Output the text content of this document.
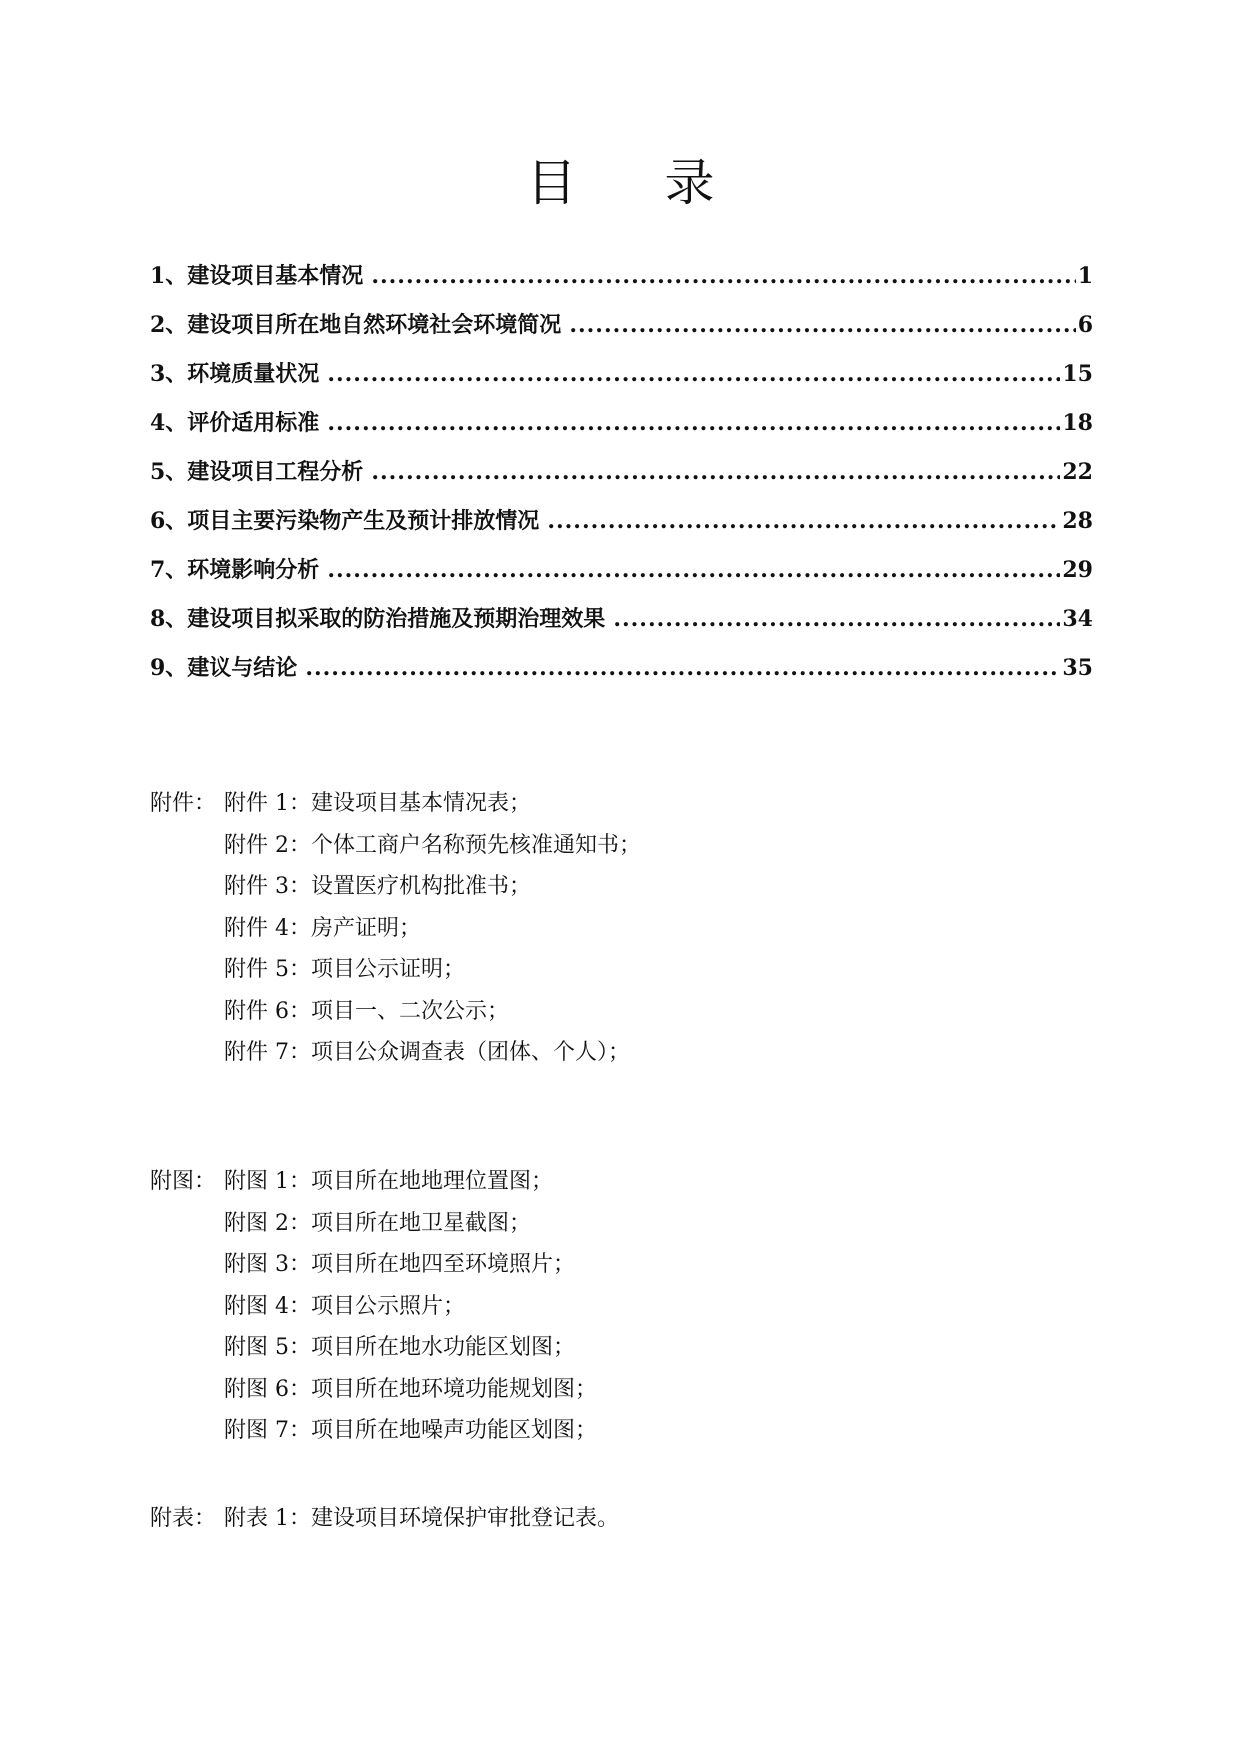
目 录
1、建设项目基本情况 .....	1
2、建设项目所在地自然环境社会环境简况 .....	6
3、环境质量状况 .....	15
4、评价适用标准 .....	18
5、建设项目工程分析 .....	22
6、项目主要污染物产生及预计排放情况 .....	28
7、环境影响分析 .....	29
8、建设项目拟采取的防治措施及预期治理效果 .....	34
9、建议与结论 .....	35
附件： 附件 1：建设项目基本情况表；
附件 2：个体工商户名称预先核准通知书；
附件 3：设置医疗机构批准书；
附件 4：房产证明；
附件 5：项目公示证明；
附件 6：项目一、二次公示；
附件 7：项目公众调查表（团体、个人）；
附图： 附图 1：项目所在地地理位置图；
附图 2：项目所在地卫星截图；
附图 3：项目所在地四至环境照片；
附图 4：项目公示照片；
附图 5：项目所在地水功能区划图；
附图 6：项目所在地环境功能规划图；
附图 7：项目所在地噪声功能区划图；
附表： 附表 1：建设项目环境保护审批登记表。
